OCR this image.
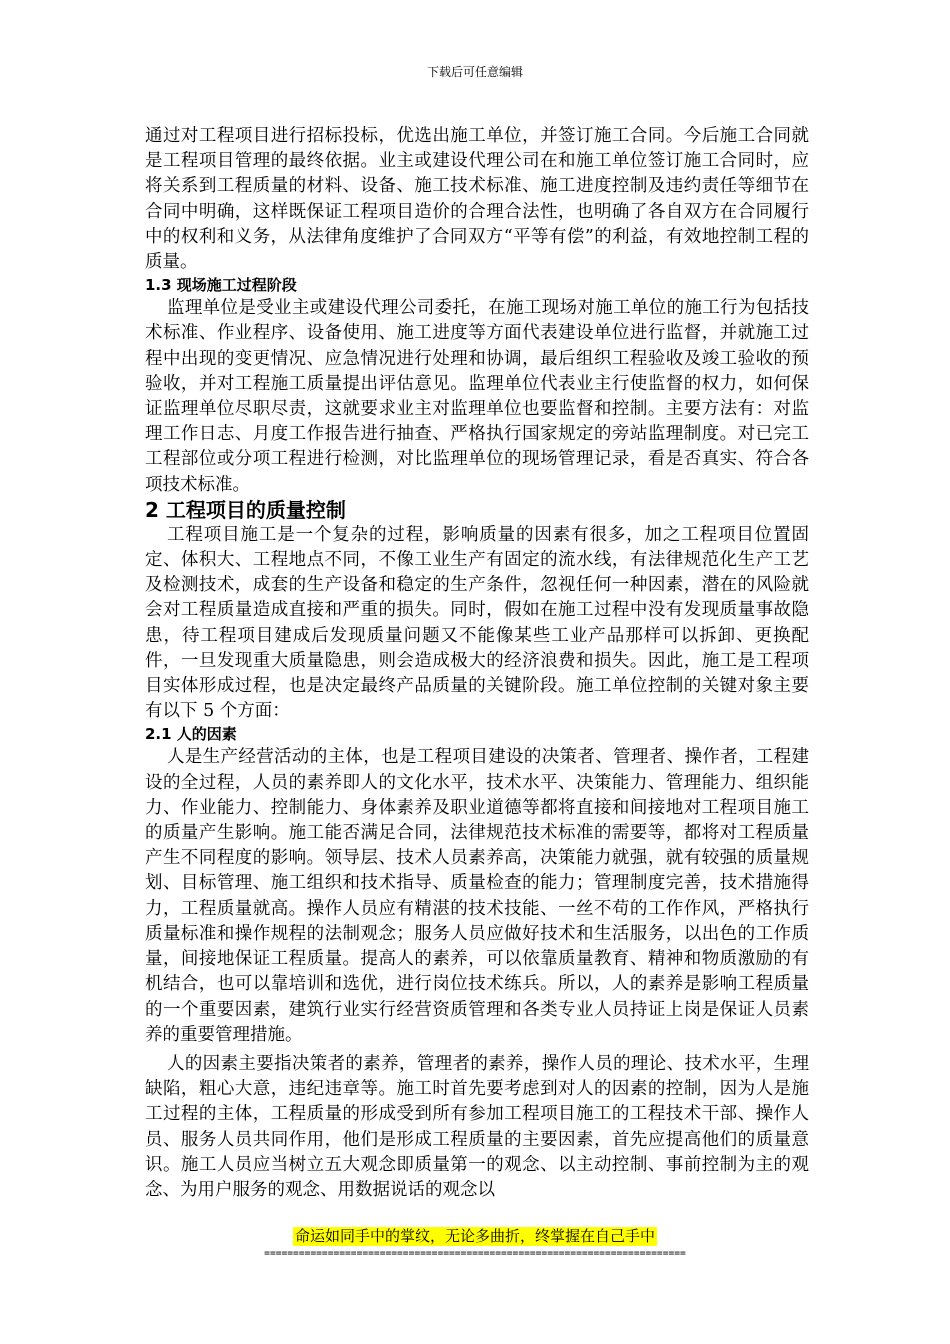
下载后可任意编辑

通过对工程项目进行招标投标，优选出施工单位，并签订施工合同。今后施工合同就是工程项目管理的最终依据。业主或建设代理公司在和施工单位签订施工合同时，应将关系到工程质量的材料、设备、施工技术标准、施工进度控制及违约责任等细节在合同中明确，这样既保证工程项目造价的合理合法性，也明确了各自双方在合同履行中的权利和义务，从法律角度维护了合同双方“平等有偿”的利益，有效地控制工程的质量。

1.3 现场施工过程阶段

监理单位是受业主或建设代理公司委托，在施工现场对施工单位的施工行为包括技术标准、作业程序、设备使用、施工进度等方面代表建设单位进行监督，并就施工过程中出现的变更情况、应急情况进行处理和协调，最后组织工程验收及竣工验收的预验收，并对工程施工质量提出评估意见。监理单位代表业主行使监督的权力，如何保证监理单位尽职尽责，这就要求业主对监理单位也要监督和控制。主要方法有：对监理工作日志、月度工作报告进行抽查、严格执行国家规定的旁站监理制度。对已完工工程部位或分项工程进行检测，对比监理单位的现场管理记录，看是否真实、符合各项技术标准。

2 工程项目的质量控制

工程项目施工是一个复杂的过程，影响质量的因素有很多，加之工程项目位置固定、体积大、工程地点不同，不像工业生产有固定的流水线，有法律规范化生产工艺及检测技术，成套的生产设备和稳定的生产条件，忽视任何一种因素，潜在的风险就会对工程质量造成直接和严重的损失。同时，假如在施工过程中没有发现质量事故隐患，待工程项目建成后发现质量问题又不能像某些工业产品那样可以拆卸、更换配件，一旦发现重大质量隐患，则会造成极大的经济浪费和损失。因此，施工是工程项目实体形成过程，也是决定最终产品质量的关键阶段。施工单位控制的关键对象主要有以下 5 个方面：

2.1 人的因素

人是生产经营活动的主体，也是工程项目建设的决策者、管理者、操作者，工程建设的全过程，人员的素养即人的文化水平，技术水平、决策能力、管理能力、组织能力、作业能力、控制能力、身体素养及职业道德等都将直接和间接地对工程项目施工的质量产生影响。施工能否满足合同，法律规范技术标准的需要等，都将对工程质量产生不同程度的影响。领导层、技术人员素养高，决策能力就强，就有较强的质量规划、目标管理、施工组织和技术指导、质量检查的能力；管理制度完善，技术措施得力，工程质量就高。操作人员应有精湛的技术技能、一丝不苟的工作作风，严格执行质量标准和操作规程的法制观念；服务人员应做好技术和生活服务，以出色的工作质量，间接地保证工程质量。提高人的素养，可以依靠质量教育、精神和物质激励的有机结合，也可以靠培训和选优，进行岗位技术练兵。所以，人的素养是影响工程质量的一个重要因素，建筑行业实行经营资质管理和各类专业人员持证上岗是保证人员素养的重要管理措施。

人的因素主要指决策者的素养，管理者的素养，操作人员的理论、技术水平，生理缺陷，粗心大意，违纪违章等。施工时首先要考虑到对人的因素的控制，因为人是施工过程的主体，工程质量的形成受到所有参加工程项目施工的工程技术干部、操作人员、服务人员共同作用，他们是形成工程质量的主要因素，首先应提高他们的质量意识。施工人员应当树立五大观念即质量第一的观念、以主动控制、事前控制为主的观念、为用户服务的观念、用数据说话的观念以

命运如同手中的掌纹，无论多曲折，终掌握在自己手中
=========================================================================
